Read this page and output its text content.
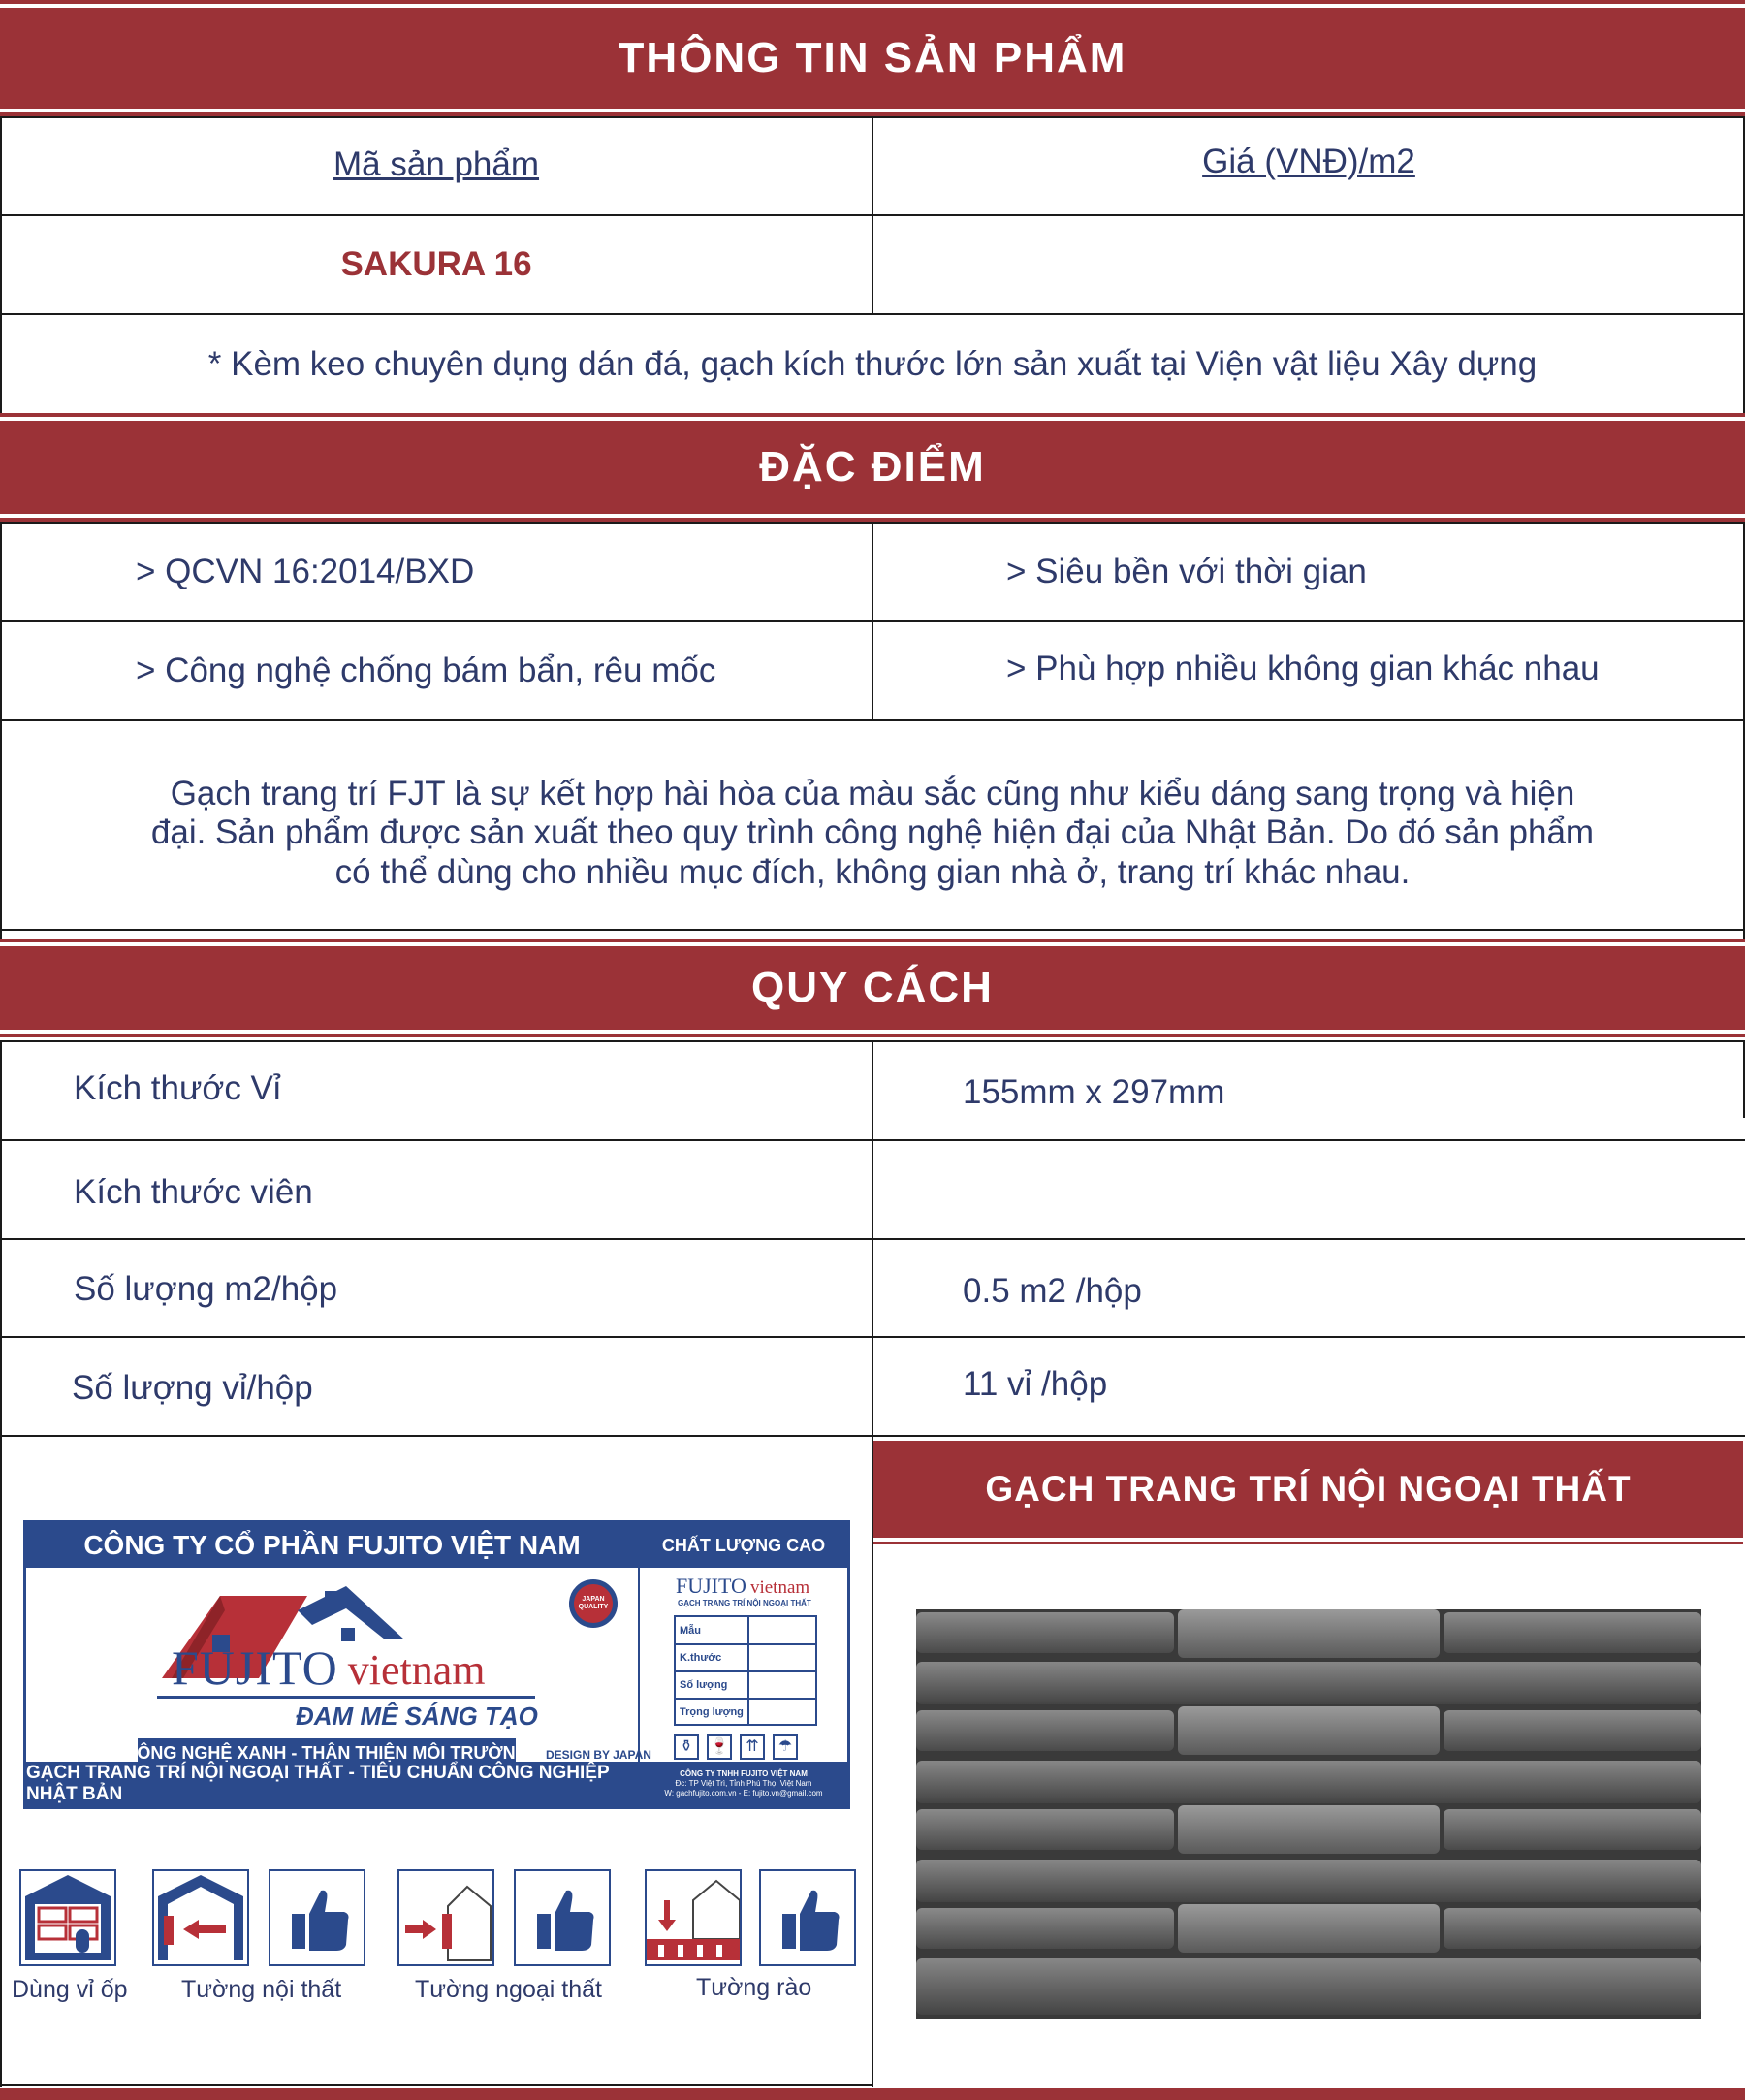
THÔNG TIN SẢN PHẨM
Mã sản phẩm	Giá (VNĐ)/m2
SAKURA 16
* Kèm keo chuyên dụng dán đá, gạch kích thước lớn sản xuất tại Viện vật liệu Xây dựng
ĐẶC ĐIỂM
> QCVN 16:2014/BXD	> Siêu bền với thời gian
> Công nghệ chống bám bẩn, rêu mốc	> Phù hợp nhiều không gian khác nhau
Gạch trang trí FJT là sự kết hợp hài hòa của màu sắc cũng như kiểu dáng sang trọng và hiện
đại. Sản phẩm được sản xuất theo quy trình công nghệ hiện đại của Nhật Bản. Do đó sản phẩm
có thể dùng cho nhiều mục đích, không gian nhà ở, trang trí khác nhau.
QUY CÁCH
Kích thước Vỉ	155mm x 297mm
Kích thước viên
Số lượng m2/hộp	0.5 m2 /hộp
Số lượng vỉ/hộp	11 vỉ /hộp
CÔNG TY CỔ PHẦN FUJITO VIỆT NAM	CHẤT LƯỢNG CAO
FUJITO vietnam
ĐAM MÊ SÁNG TẠO
CÔNG NGHỆ XANH - THÂN THIỆN MÔI TRƯỜNG DESIGN BY JAPAN
JAPAN QUALITY
FUJITO vietnam
GẠCH TRANG TRÍ NỘI NGOẠI THẤT
Mẫu
K.thước
Số lượng
Trọng lượng
⚱	🍷	⇈	☂
GẠCH TRANG TRÍ NỘI NGOẠI THẤT - TIÊU CHUẨN CÔNG NGHIỆP NHẬT BẢN
CÔNG TY TNHH FUJITO VIỆT NAM
Đc: TP Việt Trì, Tỉnh Phú Thọ, Việt Nam
W: gachfujito.com.vn - E: fujito.vn@gmail.com
Dùng vỉ ốp Tường nội thất	Tường ngoại thất	Tường rào
GẠCH TRANG TRÍ NỘI NGOẠI THẤT
